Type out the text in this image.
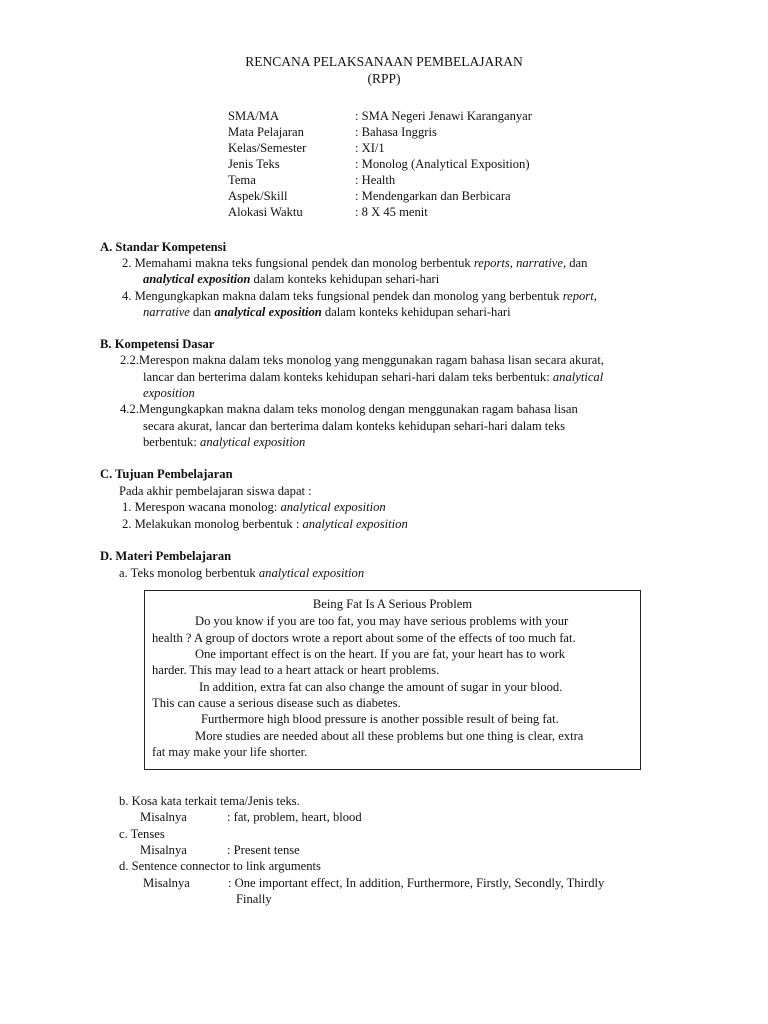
RENCANA PELAKSANAAN PEMBELAJARAN
(RPP)
SMA/MA	: SMA Negeri Jenawi Karanganyar
Mata Pelajaran	: Bahasa Inggris
Kelas/Semester	: XI/1
Jenis Teks	: Monolog (Analytical Exposition)
Tema	: Health
Aspek/Skill	: Mendengarkan dan Berbicara
Alokasi Waktu	: 8 X 45 menit
A. Standar Kompetensi
2. Memahami makna teks fungsional pendek dan monolog berbentuk reports, narrative, dan
analytical exposition dalam konteks kehidupan sehari-hari
4. Mengungkapkan makna dalam teks fungsional pendek dan monolog yang berbentuk report,
narrative dan analytical exposition dalam konteks kehidupan sehari-hari
B. Kompetensi Dasar
2.2.Merespon makna dalam teks monolog yang menggunakan ragam bahasa lisan secara akurat,
lancar dan berterima dalam konteks kehidupan sehari-hari dalam teks berbentuk: analytical
exposition
4.2.Mengungkapkan makna dalam teks monolog dengan menggunakan ragam bahasa lisan
secara akurat, lancar dan berterima dalam konteks kehidupan sehari-hari dalam teks
berbentuk: analytical exposition
C. Tujuan Pembelajaran
Pada akhir pembelajaran siswa dapat :
1. Merespon wacana monolog: analytical exposition
2. Melakukan monolog berbentuk : analytical exposition
D. Materi Pembelajaran
a. Teks monolog berbentuk analytical exposition
Being Fat Is A Serious Problem
Do you know if you are too fat, you may have serious problems with your
health ? A group of doctors wrote a report about some of the effects of too much fat.
One important effect is on the heart. If you are fat, your heart has to work
harder. This may lead to a heart attack or heart problems.
In addition, extra fat can also change the amount of sugar in your blood.
This can cause a serious disease such as diabetes.
Furthermore high blood pressure is another possible result of being fat.
More studies are needed about all these problems but one thing is clear, extra
fat may make your life shorter.
b. Kosa kata terkait tema/Jenis teks.
Misalnya	: fat, problem, heart, blood
c. Tenses
Misalnya	: Present tense
d. Sentence connector to link arguments
Misalnya	: One important effect, In addition, Furthermore, Firstly, Secondly, Thirdly
Finally
